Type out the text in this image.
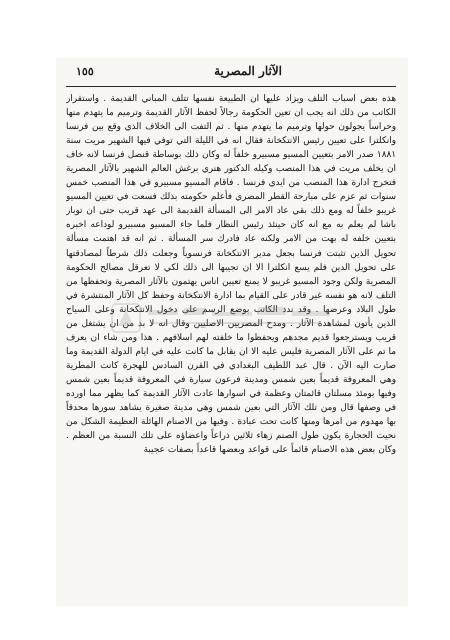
الآثار المصرية
١٥٥
هذه بعض اسباب التلف ويزاد عليها ان الطبيعة نفسها تتلف المباني القديمة . واستقرار الكاتب من ذلك انه يجب ان تعين الحكومة رجالاً لحفظ الآثار القديمة وترميم ما يتهدم منها وحراساً يجولون حولها وترميم ما يتهدم منها . ثم التفت الى الخلاف الذي وقع بين فرنسا وانكلترا على تعيين رئيس الانتكخانة فقال انه في الليلة التي توفي فيها الشهير مريت سنة ١٨٨١ صدر الامر بتعيين المسيو مسبيرو خلفاً له وكان ذلك بوساطة قنصل فرنسا لانه خاف ان يخلف مريت في هذا المنصب وكيله الدكتور هنري برغش العالم الشهير بالآثار المصرية فتخرج ادارة هذا المنصب من ايدي فرنسا . فاقام المسيو مسبيرو في هذا المنصب خمس سنوات ثم عزم على مبارحة القطر المصري فأعلم حكومته بذلك فسعت في تعيين المسيو غريبو خلفاً له ومع ذلك بقي عاد الامر الى المسألة القديمة الى عهد قريب حتى ان توبار باشا لم يعلم به مع انه كان حينئذ رئيس النظار فلما جاء المسيو مسبيرو لوداعه اخبره بتعيين خلفه له بهت من الامر ولكنه عاد فادرك سر المسألة . ثم انه قد اهتمت مسألة تحويل الذين تثبتت فرنسا بجعل مدير الانتكخانة فرنسوياً وجعلت ذلك شرطاً لمصادقتها على تحويل الدين فلم يسع انكلترا الا ان تجيبها الى ذلك لكي لا تعرقل مصالح الحكومة المصرية ولكن وجود المسيو غريبو لا يمنع تعيين اناس يهتمون بالآثار المصرية وتحفظها من التلف لانه هو نفسه غير قادر على القيام بما ادارة الانتكخانة وحفظ كل الآثار المنتشرة في طول البلاد وعرضها . وقد ندد الكاتب بوضع الرسم على دخول الانتكخانة وعلى السياح الذين يأتون لمشاهدة الآثار . ومدح المصريين الاصليين وقال انه لا بد من ان يشتغل من قريب ويسترجعوا قديم مجدهم ويحفظوا ما خلفته لهم اسلافهم . هذا ومن شاء ان يعرف ما تم على الآثار المصرية فليس عليه الا ان يقابل ما كانت عليه في ايام الدولة القديمة وما صارت اليه الآن . قال عبد اللطيف البغدادي في القرن السادس للهجرة كانت المطرية وهي المعروفة قديماً بعين شمس ومدينة فرعون سيارة في المعروفة قديماً بعين شمس وفيها يومئذ مسلتان قائمتان وعظمة في اسوارها عادت الآثار القديمة كما يظهر مما اورده في وصفها قال ومن تلك الآثار التي بعين شمس وهي مدينة صغيرة يشاهد سورها محدقاً بها مهدوم من امرها ومنها كانت تحت عبادة . وفيها من الاصنام الهائلة العظيمة الشكل من نحيت الحجارة يكون طول الصنم زهاء ثلاثين ذراعاً واعضاؤه على تلك النسبة من العظم . وكان بعض هذه الاصنام قائماً على قواعد وبعضها قاعداً بصفات عجيبة
